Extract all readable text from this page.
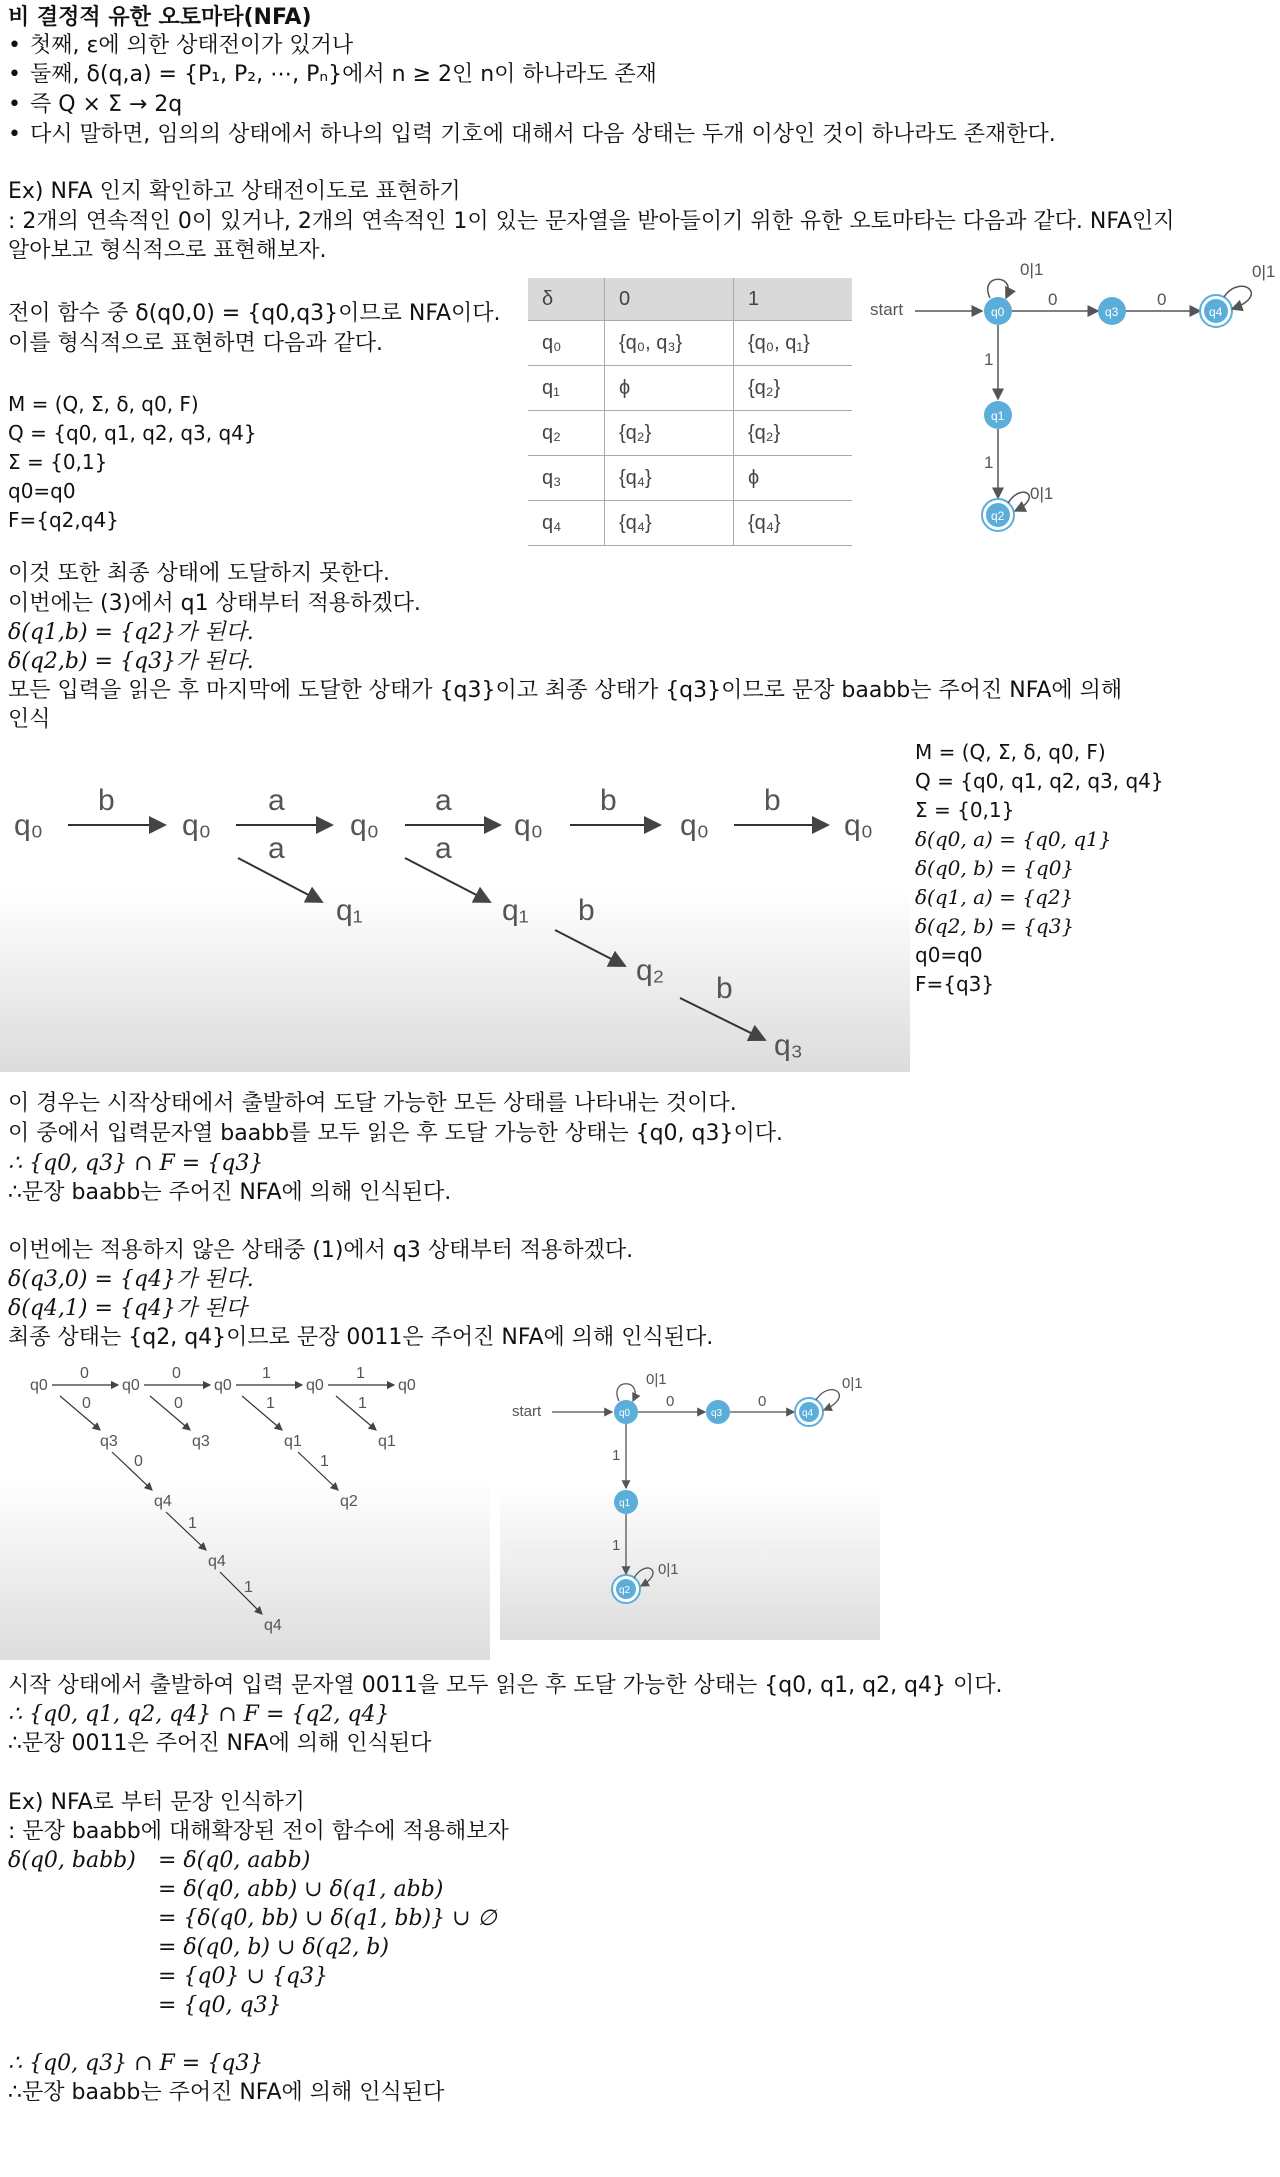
비 결정적 유한 오토마타(NFA)
• 첫째, ε에 의한 상태전이가 있거나
• 둘째, δ(q,a) = {P₁, P₂, ⋯, Pₙ}에서 n ≥ 2인 n이 하나라도 존재
• 즉 Q × Σ → 2q
• 다시 말하면, 임의의 상태에서 하나의 입력 기호에 대해서 다음 상태는 두개 이상인 것이 하나라도 존재한다.
Ex) NFA 인지 확인하고 상태전이도로 표현하기
: 2개의 연속적인 0이 있거나, 2개의 연속적인 1이 있는 문자열을 받아들이기 위한 유한 오토마타는 다음과 같다. NFA인지
알아보고 형식적으로 표현해보자.
전이 함수 중 δ(q0,0) = {q0,q3}이므로 NFA이다.
이를 형식적으로 표현하면 다음과 같다.
M = (Q, Σ, δ, q0, F)
Q = {q0, q1, q2, q3, q4}
Σ = {0,1}
q0=q0
F={q2,q4}
δ	0	1
q₀	{q₀, q₃}	{q₀, q₁}
q₁	ϕ	{q₂}
q₂	{q₂}	{q₂}
q₃	{q₄}	ϕ
q₄	{q₄}	{q₄}
start	q0
0|1
0
q3
0
q4
0|1
1
q1
1
q2
0|1
이것 또한 최종 상태에 도달하지 못한다.
이번에는 (3)에서 q1 상태부터 적용하겠다.
δ(q1,b) = {q2}가 된다.
δ(q2,b) = {q3}가 된다.
모든 입력을 읽은 후 마지막에 도달한 상태가 {q3}이고 최종 상태가 {q3}이므로 문장 baabb는 주어진 NFA에 의해
인식
q₀
b
q₀
a
q₀
a
q₀
b
q₀
b
q₀
a
q₁
a
q₁ b
q₂
b
q₃
M = (Q, Σ, δ, q0, F)
Q = {q0, q1, q2, q3, q4}
Σ = {0,1}
δ(q0, a) = {q0, q1}
δ(q0, b) = {q0}
δ(q1, a) = {q2}
δ(q2, b) = {q3}
q0=q0
F={q3}
이 경우는 시작상태에서 출발하여 도달 가능한 모든 상태를 나타내는 것이다.
이 중에서 입력문자열 baabb를 모두 읽은 후 도달 가능한 상태는 {q0, q3}이다.
∴ {q0, q3} ∩ F = {q3}
∴문장 baabb는 주어진 NFA에 의해 인식된다.
이번에는 적용하지 않은 상태중 (1)에서 q3 상태부터 적용하겠다.
δ(q3,0) = {q4}가 된다.
δ(q4,1) = {q4}가 된다
최종 상태는 {q2, q4}이므로 문장 0011은 주어진 NFA에 의해 인식된다.
q0
0
q0
0
q0
1
q0
1
q0
0
q3
0
q3
1
q1
1
q1
0
q4
1
q2
1
q4
1
q4
start	q0
0|1
0
q3
0
q4
0|1
1
q1
1
q2
0|1
시작 상태에서 출발하여 입력 문자열 0011을 모두 읽은 후 도달 가능한 상태는 {q0, q1, q2, q4} 이다.
∴ {q0, q1, q2, q4} ∩ F = {q2, q4}
∴문장 0011은 주어진 NFA에 의해 인식된다
Ex) NFA로 부터 문장 인식하기
: 문장 baabb에 대해확장된 전이 함수에 적용해보자
δ(q0, babb) = δ(q0, aabb)
= δ(q0, abb) ∪ δ(q1, abb)
= {δ(q0, bb) ∪ δ(q1, bb)} ∪ ∅
= δ(q0, b) ∪ δ(q2, b)
= {q0} ∪ {q3}
= {q0, q3}
∴ {q0, q3} ∩ F = {q3}
∴문장 baabb는 주어진 NFA에 의해 인식된다
